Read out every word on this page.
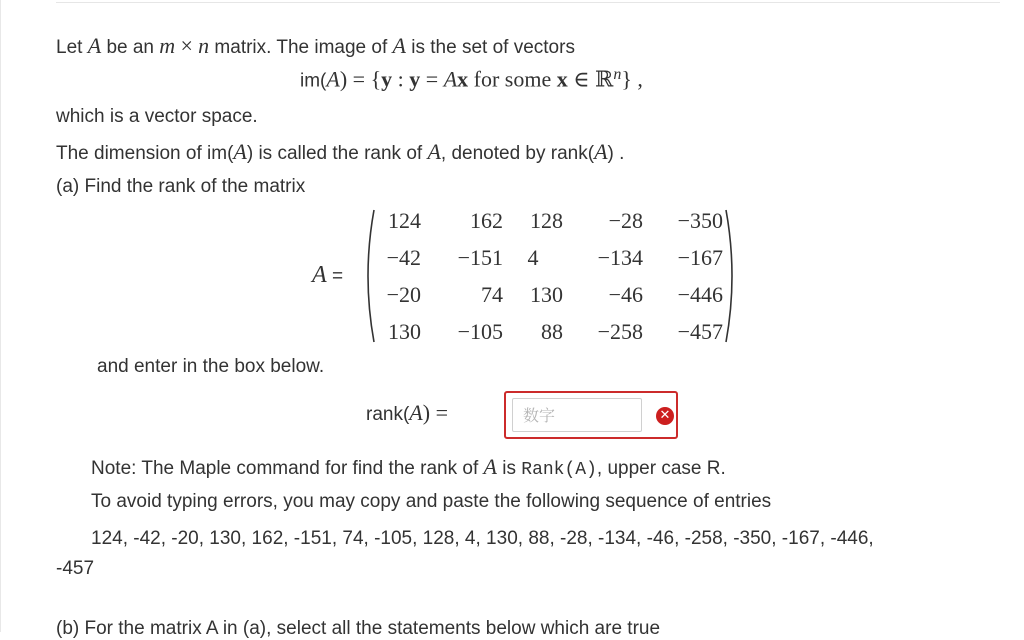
Let A be an m × n matrix. The image of A is the set of vectors
im(A) = {y : y = Ax for some x ∈ ℝ$^n$} ,
which is a vector space.
The dimension of im(A) is called the rank of A, denoted by rank(A) .
(a) Find the rank of the matrix
A =
124	162	128	−28	−350
−42	−151	4	−134	−167
−20	74	130	−46	−446
130	−105	88	−258	−457
and enter in the box below.
rank(A) =
数字	✕
Note: The Maple command for find the rank of A is Rank(A), upper case R.
To avoid typing errors, you may copy and paste the following sequence of entries
124, -42, -20, 130, 162, -151, 74, -105, 128, 4, 130, 88, -28, -134, -46, -258, -350, -167, -446,
-457
(b) For the matrix A in (a), select all the statements below which are true
